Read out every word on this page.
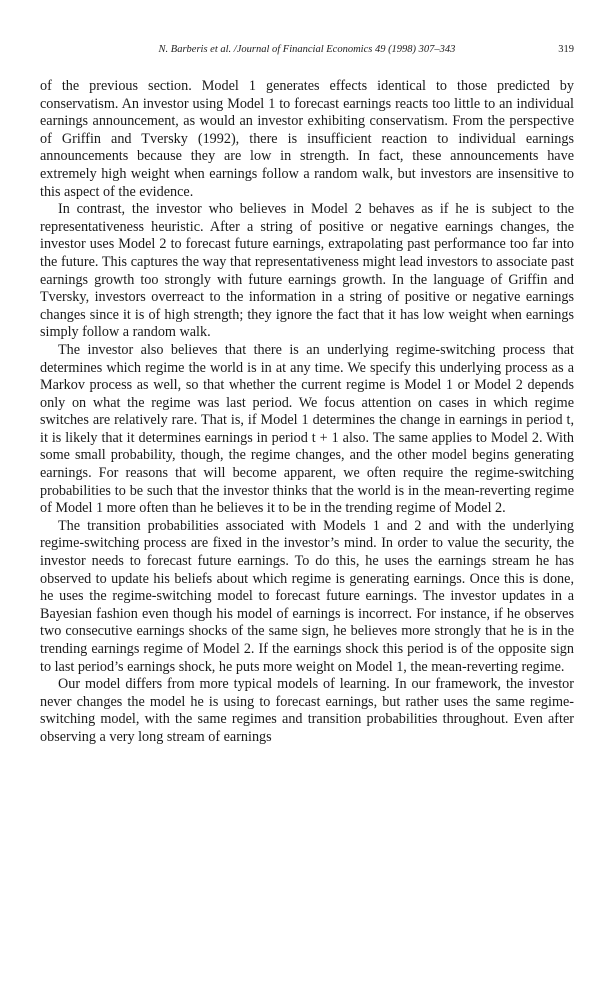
N. Barberis et al. /Journal of Financial Economics 49 (1998) 307–343	319

of the previous section. Model 1 generates effects identical to those predicted by conservatism. An investor using Model 1 to forecast earnings reacts too little to an individual earnings announcement, as would an investor exhibiting conservatism. From the perspective of Griffin and Tversky (1992), there is insufficient reaction to individual earnings announcements because they are low in strength. In fact, these announcements have extremely high weight when earnings follow a random walk, but investors are insensitive to this aspect of the evidence.

In contrast, the investor who believes in Model 2 behaves as if he is subject to the representativeness heuristic. After a string of positive or negative earnings changes, the investor uses Model 2 to forecast future earnings, extrapolating past performance too far into the future. This captures the way that representativeness might lead investors to associate past earnings growth too strongly with future earnings growth. In the language of Griffin and Tversky, investors overreact to the information in a string of positive or negative earnings changes since it is of high strength; they ignore the fact that it has low weight when earnings simply follow a random walk.

The investor also believes that there is an underlying regime-switching process that determines which regime the world is in at any time. We specify this underlying process as a Markov process as well, so that whether the current regime is Model 1 or Model 2 depends only on what the regime was last period. We focus attention on cases in which regime switches are relatively rare. That is, if Model 1 determines the change in earnings in period t, it is likely that it determines earnings in period t + 1 also. The same applies to Model 2. With some small probability, though, the regime changes, and the other model begins generating earnings. For reasons that will become apparent, we often require the regime-switching probabilities to be such that the investor thinks that the world is in the mean-reverting regime of Model 1 more often than he believes it to be in the trending regime of Model 2.

The transition probabilities associated with Models 1 and 2 and with the underlying regime-switching process are fixed in the investor’s mind. In order to value the security, the investor needs to forecast future earnings. To do this, he uses the earnings stream he has observed to update his beliefs about which regime is generating earnings. Once this is done, he uses the regime-switching model to forecast future earnings. The investor updates in a Bayesian fashion even though his model of earnings is incorrect. For instance, if he observes two consecutive earnings shocks of the same sign, he believes more strongly that he is in the trending earnings regime of Model 2. If the earnings shock this period is of the opposite sign to last period’s earnings shock, he puts more weight on Model 1, the mean-reverting regime.

Our model differs from more typical models of learning. In our framework, the investor never changes the model he is using to forecast earnings, but rather uses the same regime-switching model, with the same regimes and transition probabilities throughout. Even after observing a very long stream of earnings
